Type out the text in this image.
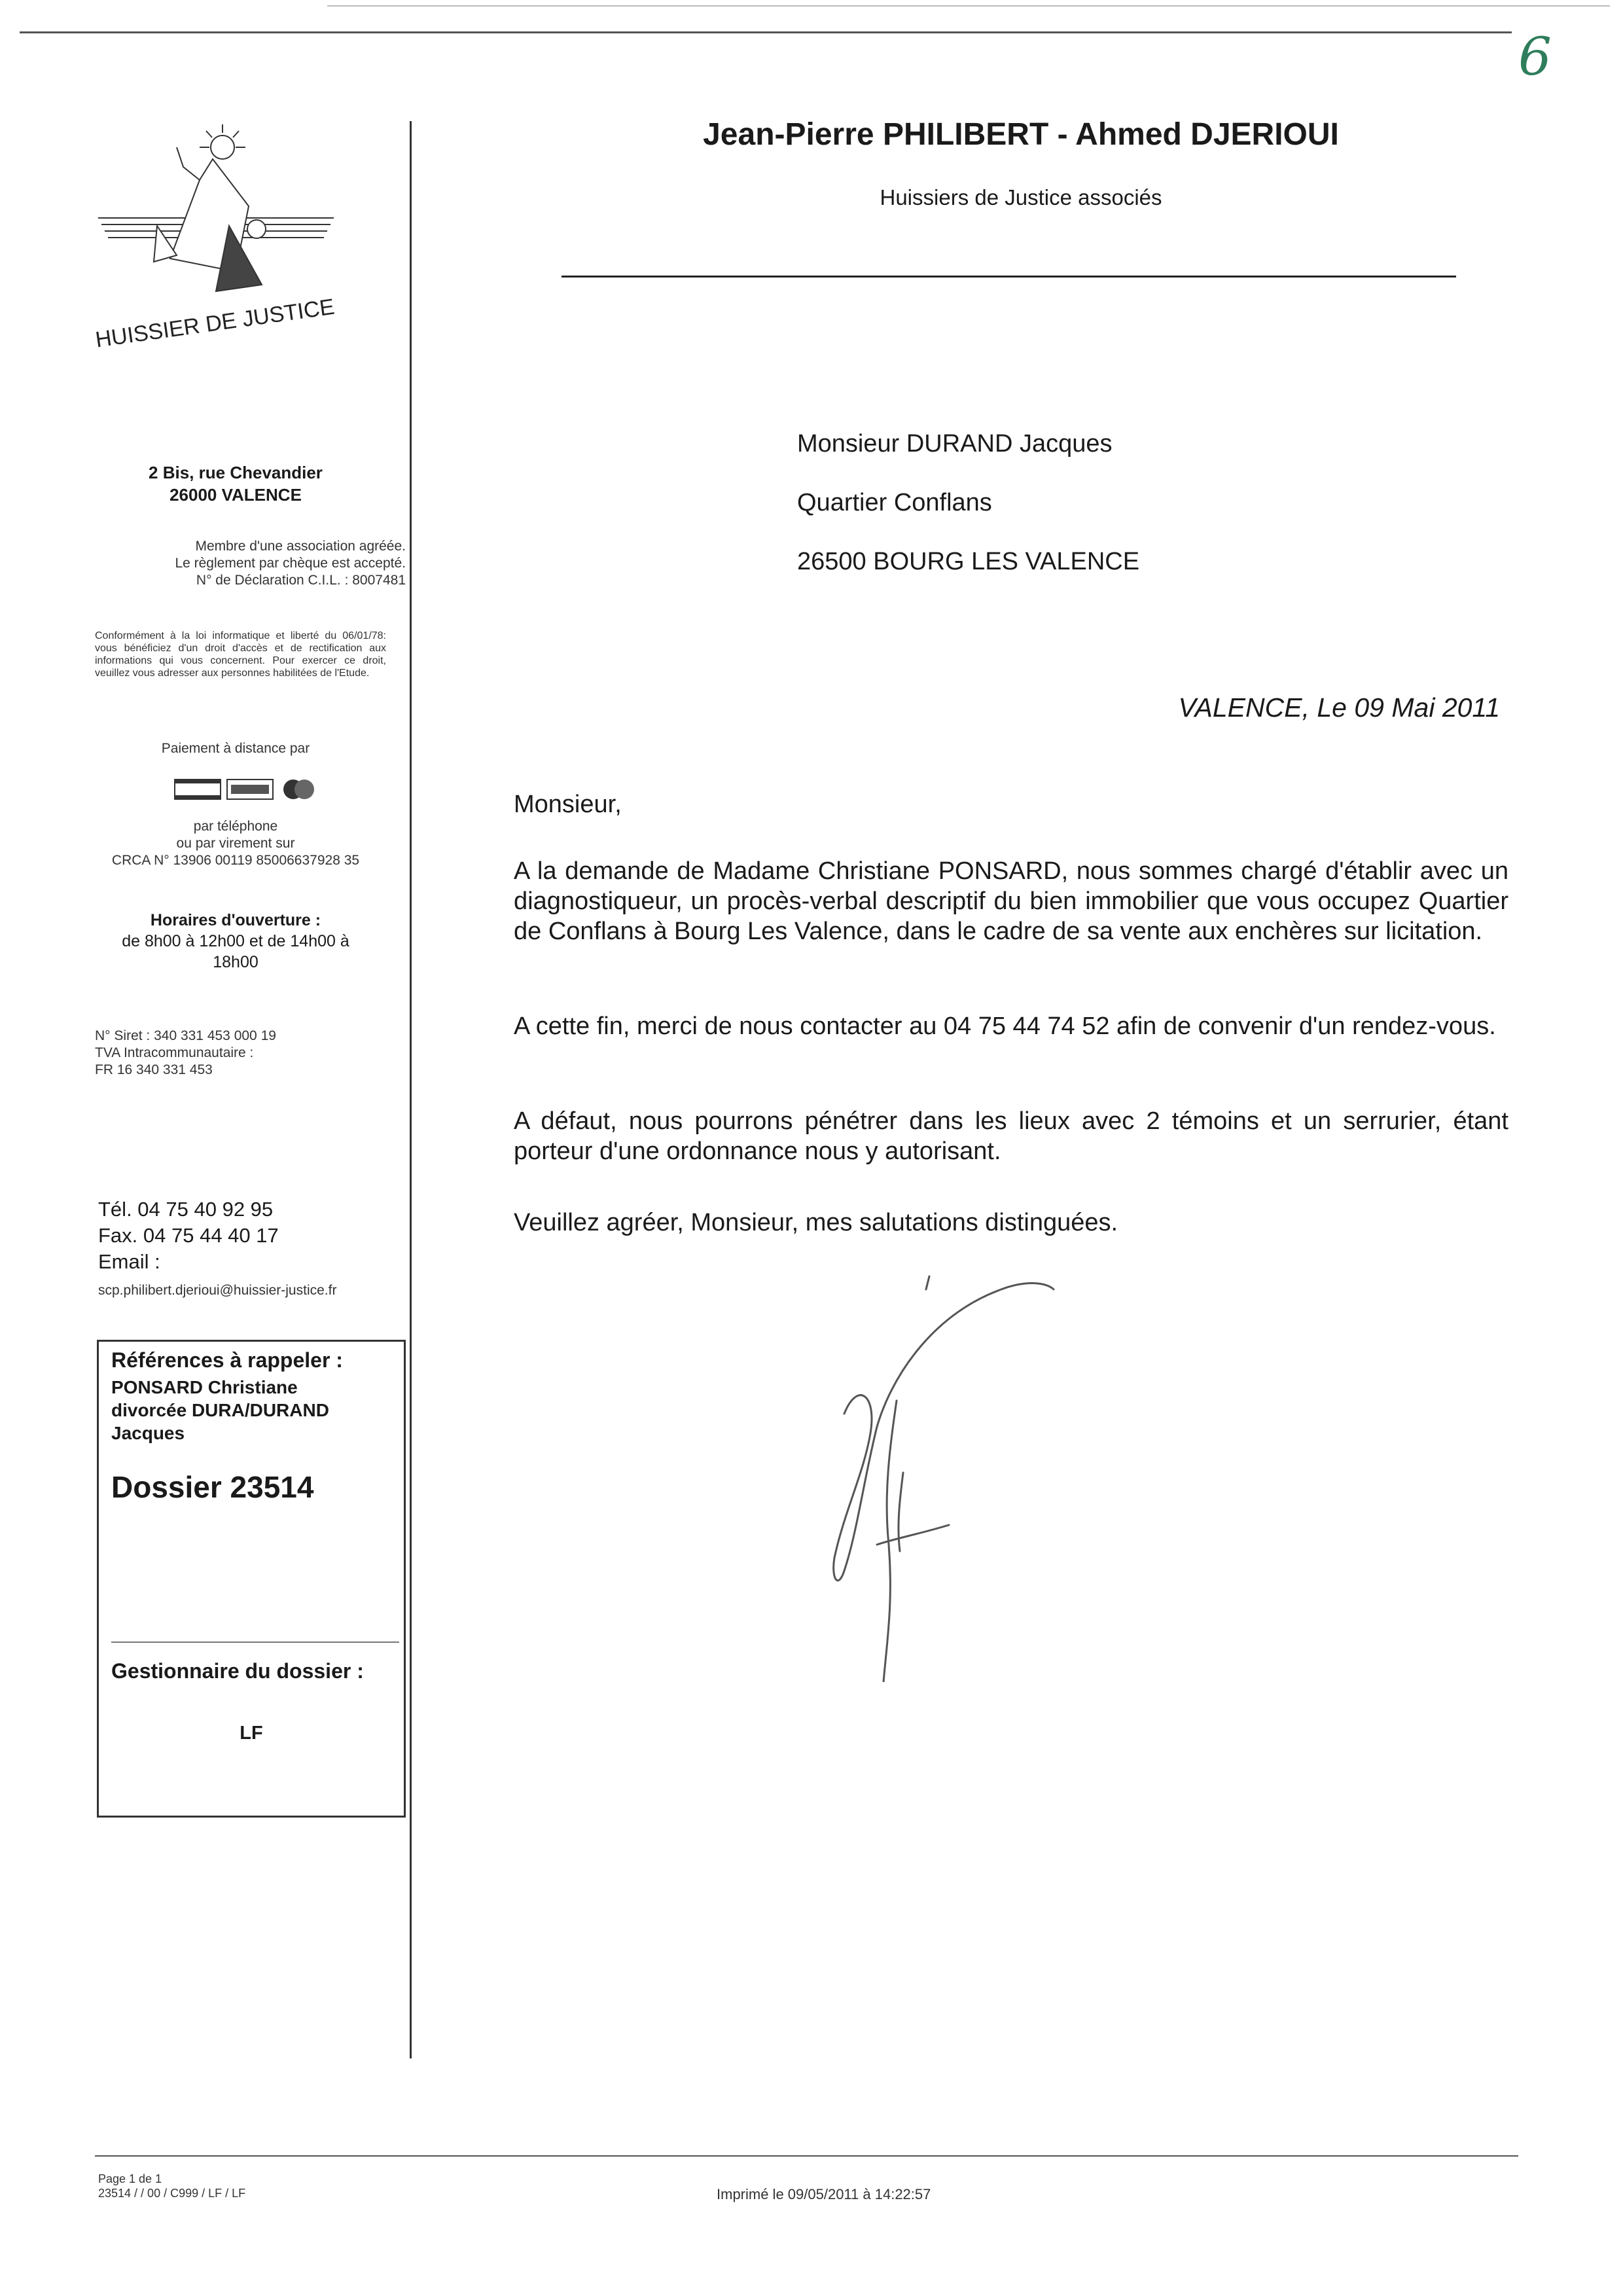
6
HUISSIER DE JUSTICE
2 Bis, rue Chevandier
26000 VALENCE
Membre d'une association agréée.
Le règlement par chèque est accepté.
N° de Déclaration C.I.L. : 8007481
Conformément à la loi informatique et liberté du 06/01/78: vous bénéficiez d'un droit d'accès et de rectification aux informations qui vous concernent. Pour exercer ce droit, veuillez vous adresser aux personnes habilitées de l'Etude.
Paiement à distance par
par téléphone
ou par virement sur
CRCA N° 13906 00119 85006637928 35
Horaires d'ouverture :
de 8h00 à 12h00 et de 14h00 à
18h00
N° Siret : 340 331 453 000 19
TVA Intracommunautaire :
FR 16 340 331 453
Tél. 04 75 40 92 95
Fax. 04 75 44 40 17
Email :
scp.philibert.djerioui@huissier-justice.fr
Références à rappeler :
PONSARD Christiane
divorcée DURA/DURAND
Jacques
Dossier 23514
Gestionnaire du dossier :
LF
Jean-Pierre PHILIBERT - Ahmed DJERIOUI
Huissiers de Justice associés
Monsieur DURAND Jacques
Quartier Conflans
26500 BOURG LES VALENCE
VALENCE, Le 09 Mai 2011
Monsieur,
A la demande de Madame Christiane PONSARD, nous sommes chargé d'établir avec un diagnostiqueur, un procès-verbal descriptif du bien immobilier que vous occupez Quartier de Conflans à Bourg Les Valence, dans le cadre de sa vente aux enchères sur licitation.
A cette fin, merci de nous contacter au 04 75 44 74 52 afin de convenir d'un rendez-vous.
A défaut, nous pourrons pénétrer dans les lieux avec 2 témoins et un serrurier, étant porteur d'une ordonnance nous y autorisant.
Veuillez agréer, Monsieur, mes salutations distinguées.
Page 1 de 1
23514 / / 00 / C999 / LF / LF	Imprimé le 09/05/2011 à 14:22:57
